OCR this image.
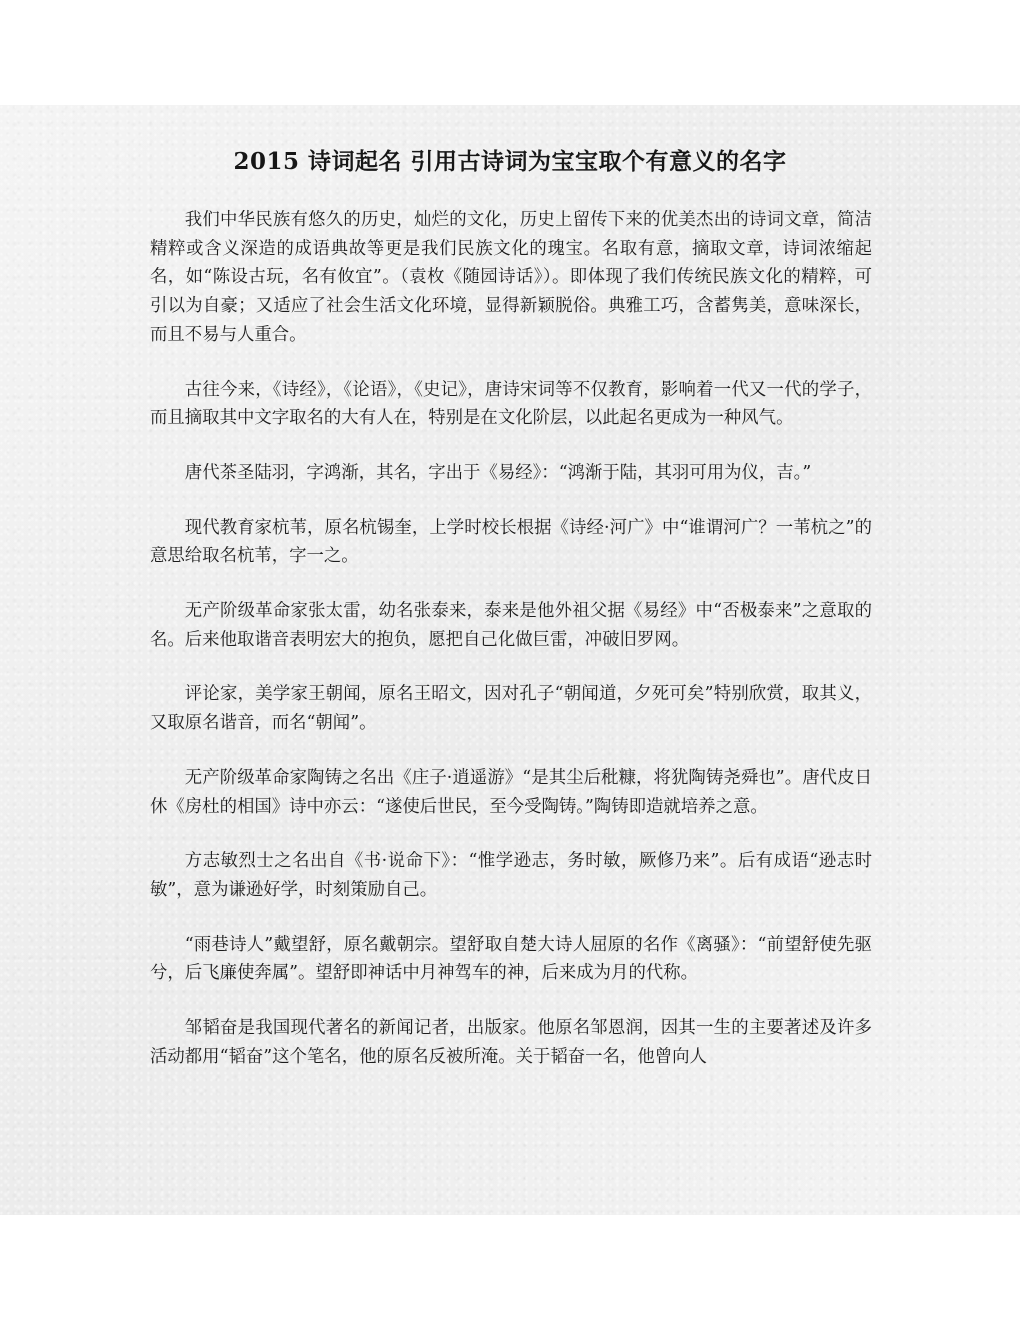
2015 诗词起名 引用古诗词为宝宝取个有意义的名字

我们中华民族有悠久的历史，灿烂的文化，历史上留传下来的优美杰出的诗词文章，简洁精粹或含义深造的成语典故等更是我们民族文化的瑰宝。名取有意，摘取文章，诗词浓缩起名，如“陈设古玩，名有攸宜”。（袁枚《随园诗话》）。即体现了我们传统民族文化的精粹，可引以为自豪；又适应了社会生活文化环境，显得新颖脱俗。典雅工巧，含蓄隽美，意味深长，而且不易与人重合。

古往今来，《诗经》，《论语》，《史记》，唐诗宋词等不仅教育，影响着一代又一代的学子，而且摘取其中文字取名的大有人在，特别是在文化阶层，以此起名更成为一种风气。

唐代茶圣陆羽，字鸿渐，其名，字出于《易经》：“鸿渐于陆，其羽可用为仪，吉。”

现代教育家杭苇，原名杭锡奎，上学时校长根据《诗经·河广》中“谁谓河广？一苇杭之”的意思给取名杭苇，字一之。

无产阶级革命家张太雷，幼名张泰来，泰来是他外祖父据《易经》中“否极泰来”之意取的名。后来他取谐音表明宏大的抱负，愿把自己化做巨雷，冲破旧罗网。

评论家，美学家王朝闻，原名王昭文，因对孔子“朝闻道，夕死可矣”特别欣赏，取其义，又取原名谐音，而名“朝闻”。

无产阶级革命家陶铸之名出《庄子·逍遥游》“是其尘后秕糠，将犹陶铸尧舜也”。唐代皮日休《房杜的相国》诗中亦云：“遂使后世民，至今受陶铸。”陶铸即造就培养之意。

方志敏烈士之名出自《书·说命下》：“惟学逊志，务时敏，厥修乃来”。后有成语“逊志时敏”，意为谦逊好学，时刻策励自己。

“雨巷诗人”戴望舒，原名戴朝宗。望舒取自楚大诗人屈原的名作《离骚》：“前望舒使先驱兮，后飞廉使奔属”。望舒即神话中月神驾车的神，后来成为月的代称。

邹韬奋是我国现代著名的新闻记者，出版家。他原名邹恩润，因其一生的主要著述及许多活动都用“韬奋”这个笔名，他的原名反被所淹。关于韬奋一名，他曾向人
